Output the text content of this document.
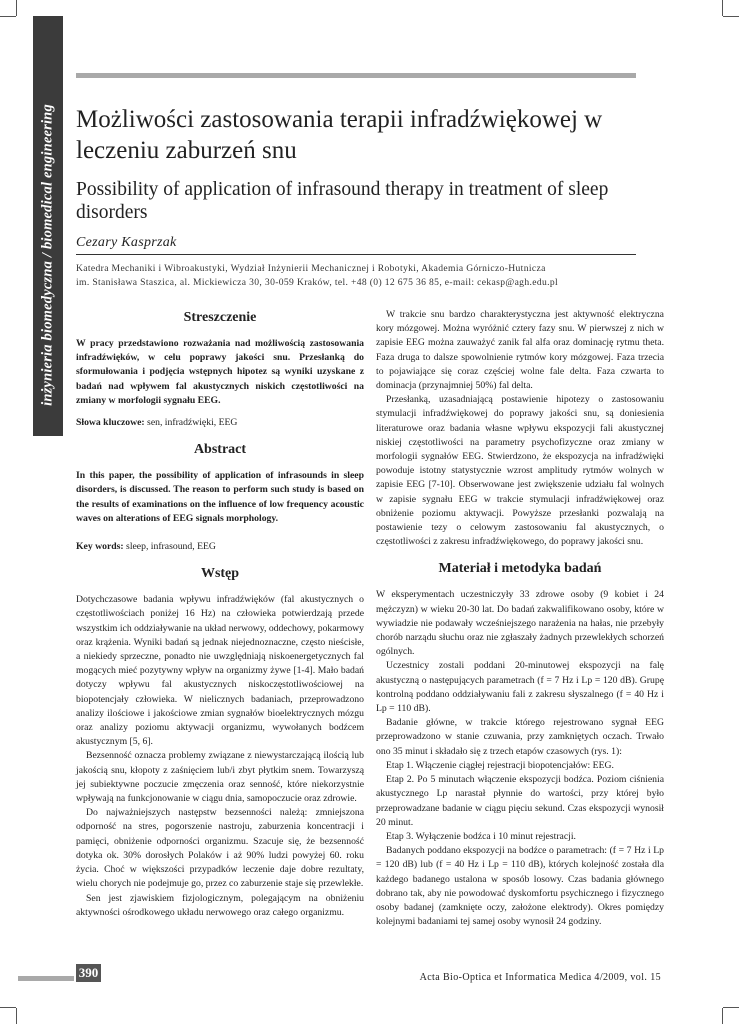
inżynieria biomedyczna / biomedical engineering Możliwości zastosowania terapii infradźwiękowej w leczeniu zaburzeń snu
Possibility of application of infrasound therapy in treatment of sleep disorders
Cezary Kasprzak
Katedra Mechaniki i Wibroakustyki, Wydział Inżynierii Mechanicznej i Robotyki, Akademia Górniczo-Hutnicza
im. Stanisława Staszica, al. Mickiewicza 30, 30-059 Kraków, tel. +48 (0) 12 675 36 85, e-mail: cekasp@agh.edu.pl
Streszczenie

W pracy przedstawiono rozważania nad możliwością zastosowania infradźwięków, w celu poprawy jakości snu. Przesłanką do sformułowania i podjęcia wstępnych hipotez są wyniki uzyskane z badań nad wpływem fal akustycznych niskich częstotliwości na zmiany w morfologii sygnału EEG.

Słowa kluczowe: sen, infradźwięki, EEG

Abstract

In this paper, the possibility of application of infrasounds in sleep disorders, is discussed. The reason to perform such study is based on the results of examinations on the influence of low frequency acoustic waves on alterations of EEG signals morphology.

Key words: sleep, infrasound, EEG

Wstęp

Dotychczasowe badania wpływu infradźwięków (fal akustycznych o częstotliwościach poniżej 16 Hz) na człowieka potwierdzają przede wszystkim ich oddziaływanie na układ nerwowy, oddechowy, pokarmowy oraz krążenia. Wyniki badań są jednak niejednoznaczne, często nieścisłe, a niekiedy sprzeczne, ponadto nie uwzględniają niskoenergetycznych fal mogących mieć pozytywny wpływ na organizmy żywe [1-4]. Mało badań dotyczy wpływu fal akustycznych niskoczęstotliwościowej na biopotencjały człowieka. W nielicznych badaniach, przeprowadzono analizy ilościowe i jakościowe zmian sygnałów bioelektrycznych mózgu oraz analizy poziomu aktywacji organizmu, wywołanych bodźcem akustycznym [5, 6].

Bezsenność oznacza problemy związane z niewystarczającą ilością lub jakością snu, kłopoty z zaśnięciem lub/i zbyt płytkim snem. Towarzyszą jej subiektywne poczucie zmęczenia oraz senność, które niekorzystnie wpływają na funkcjonowanie w ciągu dnia, samopoczucie oraz zdrowie.

Do najważniejszych następstw bezsenności należą: zmniejszona odporność na stres, pogorszenie nastroju, zaburzenia koncentracji i pamięci, obniżenie odporności organizmu. Szacuje się, że bezsenność dotyka ok. 30% dorosłych Polaków i aż 90% ludzi powyżej 60. roku życia. Choć w większości przypadków leczenie daje dobre rezultaty, wielu chorych nie podejmuje go, przez co zaburzenie staje się przewlekłe.

Sen jest zjawiskiem fizjologicznym, polegającym na obniżeniu aktywności ośrodkowego układu nerwowego oraz całego organizmu.

W trakcie snu bardzo charakterystyczna jest aktywność elektryczna kory mózgowej. Można wyróżnić cztery fazy snu. W pierwszej z nich w zapisie EEG można zauważyć zanik fal alfa oraz dominację rytmu theta. Faza druga to dalsze spowolnienie rytmów kory mózgowej. Faza trzecia to pojawiające się coraz częściej wolne fale delta. Faza czwarta to dominacja (przynajmniej 50%) fal delta.

Przesłanką, uzasadniającą postawienie hipotezy o zastosowaniu stymulacji infradźwiękowej do poprawy jakości snu, są doniesienia literaturowe oraz badania własne wpływu ekspozycji fali akustycznej niskiej częstotliwości na parametry psychofizyczne oraz zmiany w morfologii sygnałów EEG. Stwierdzono, że ekspozycja na infradźwięki powoduje istotny statystycznie wzrost amplitudy rytmów wolnych w zapisie EEG [7-10]. Obserwowane jest zwiększenie udziału fal wolnych w zapisie sygnału EEG w trakcie stymulacji infradźwiękowej oraz obniżenie poziomu aktywacji. Powyższe przesłanki pozwalają na postawienie tezy o celowym zastosowaniu fal akustycznych, o częstotliwości z zakresu infradźwiękowego, do poprawy jakości snu.

Materiał i metodyka badań

W eksperymentach uczestniczyły 33 zdrowe osoby (9 kobiet i 24 mężczyzn) w wieku 20-30 lat. Do badań zakwalifikowano osoby, które w wywiadzie nie podawały wcześniejszego narażenia na hałas, nie przebyły chorób narządu słuchu oraz nie zgłaszały żadnych przewlekłych schorzeń ogólnych.

Uczestnicy zostali poddani 20-minutowej ekspozycji na falę akustyczną o następujących parametrach (f = 7 Hz i Lp = 120 dB). Grupę kontrolną poddano oddziaływaniu fali z zakresu słyszalnego (f = 40 Hz i Lp = 110 dB).

Badanie główne, w trakcie którego rejestrowano sygnał EEG przeprowadzono w stanie czuwania, przy zamkniętych oczach. Trwało ono 35 minut i składało się z trzech etapów czasowych (rys. 1):

Etap 1. Włączenie ciągłej rejestracji biopotencjałów: EEG.

Etap 2. Po 5 minutach włączenie ekspozycji bodźca. Poziom ciśnienia akustycznego Lp narastał płynnie do wartości, przy której było przeprowadzane badanie w ciągu pięciu sekund. Czas ekspozycji wynosił 20 minut.

Etap 3. Wyłączenie bodźca i 10 minut rejestracji.

Badanych poddano ekspozycji na bodźce o parametrach: (f = 7 Hz i Lp = 120 dB) lub (f = 40 Hz i Lp = 110 dB), których kolejność została dla każdego badanego ustalona w sposób losowy. Czas badania głównego dobrano tak, aby nie powodować dyskomfortu psychicznego i fizycznego osoby badanej (zamknięte oczy, założone elektrody). Okres pomiędzy kolejnymi badaniami tej samej osoby wynosił 24 godziny.

390	Acta Bio-Optica et Informatica Medica 4/2009, vol. 15
